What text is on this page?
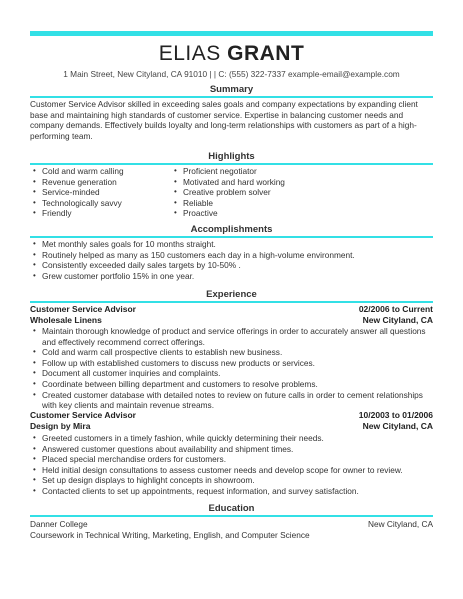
ELIAS GRANT
1 Main Street, New Cityland, CA 91010 | | C: (555) 322-7337 example-email@example.com
Summary
Customer Service Advisor skilled in exceeding sales goals and company expectations by expanding client base and maintaining high standards of customer service. Expertise in balancing customer needs and company demands. Effectively builds loyalty and long-term relationships with customers as part of a high-performing team.
Highlights
• Cold and warm calling
• Revenue generation
• Service-minded
• Technologically savvy
• Friendly
• Proficient negotiator
• Motivated and hard working
• Creative problem solver
• Reliable
• Proactive
Accomplishments
• Met monthly sales goals for 10 months straight.
• Routinely helped as many as 150 customers each day in a high-volume environment.
• Consistently exceeded daily sales targets by 10-50% .
• Grew customer portfolio 15% in one year.
Experience
Customer Service Advisor	02/2006 to Current
Wholesale Linens	New Cityland, CA
• Maintain thorough knowledge of product and service offerings in order to accurately answer all questions and effectively recommend correct offerings.
• Cold and warm call prospective clients to establish new business.
• Follow up with established customers to discuss new products or services.
• Document all customer inquiries and complaints.
• Coordinate between billing department and customers to resolve problems.
• Created customer database with detailed notes to review on future calls in order to cement relationships with key clients and maintain revenue streams.
Customer Service Advisor	10/2003 to 01/2006
Design by Mira	New Cityland, CA
• Greeted customers in a timely fashion, while quickly determining their needs.
• Answered customer questions about availability and shipment times.
• Placed special merchandise orders for customers.
• Held initial design consultations to assess customer needs and develop scope for owner to review.
• Set up design displays to highlight concepts in showroom.
• Contacted clients to set up appointments, request information, and survey satisfaction.
Education
Danner College	New Cityland, CA
Coursework in Technical Writing, Marketing, English, and Computer Science
